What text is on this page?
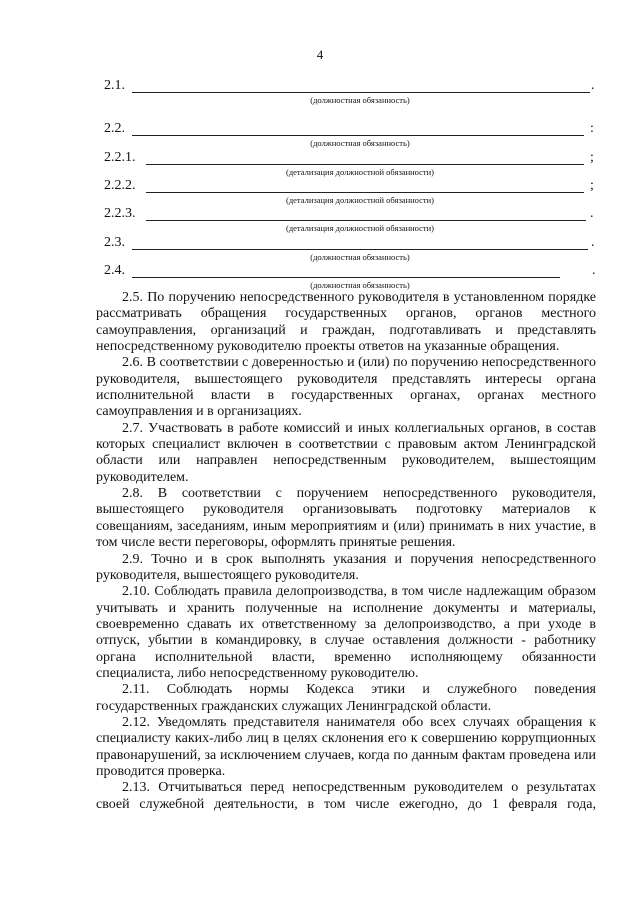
4
2.1.	.
(должностная обязанность)
2.2.	:
(должностная обязанность)
2.2.1.	;
(детализация должностной обязанности)
2.2.2.	;
(детализация должностной обязанности)
2.2.3.	.
(детализация должностной обязанности)
2.3.	.
(должностная обязанность)
2.4.	.
(должностная обязанность)

2.5. По поручению непосредственного руководителя в установленном порядке рассматривать обращения государственных органов, органов местного самоуправления, организаций и граждан, подготавливать и представлять непосредственному руководителю проекты ответов на указанные обращения.

2.6. В соответствии с доверенностью и (или) по поручению непосредственного руководителя, вышестоящего руководителя представлять интересы органа исполнительной власти в государственных органах, органах местного самоуправления и в организациях.

2.7. Участвовать в работе комиссий и иных коллегиальных органов, в состав которых специалист включен в соответствии с правовым актом Ленинградской области или направлен непосредственным руководителем, вышестоящим руководителем.

2.8. В соответствии с поручением непосредственного руководителя, вышестоящего руководителя организовывать подготовку материалов к совещаниям, заседаниям, иным мероприятиям и (или) принимать в них участие, в том числе вести переговоры, оформлять принятые решения.

2.9. Точно и в срок выполнять указания и поручения непосредственного руководителя, вышестоящего руководителя.

2.10. Соблюдать правила делопроизводства, в том числе надлежащим образом учитывать и хранить полученные на исполнение документы и материалы, своевременно сдавать их ответственному за делопроизводство, а при уходе в отпуск, убытии в командировку, в случае оставления должности - работнику органа исполнительной власти, временно исполняющему обязанности специалиста, либо непосредственному руководителю.

2.11. Соблюдать нормы Кодекса этики и служебного поведения государственных гражданских служащих Ленинградской области.

2.12. Уведомлять представителя нанимателя обо всех случаях обращения к специалисту каких-либо лиц в целях склонения его к совершению коррупционных правонарушений, за исключением случаев, когда по данным фактам проведена или проводится проверка.

2.13. Отчитываться перед непосредственным руководителем о результатах своей служебной деятельности, в том числе ежегодно, до 1 февраля года,
